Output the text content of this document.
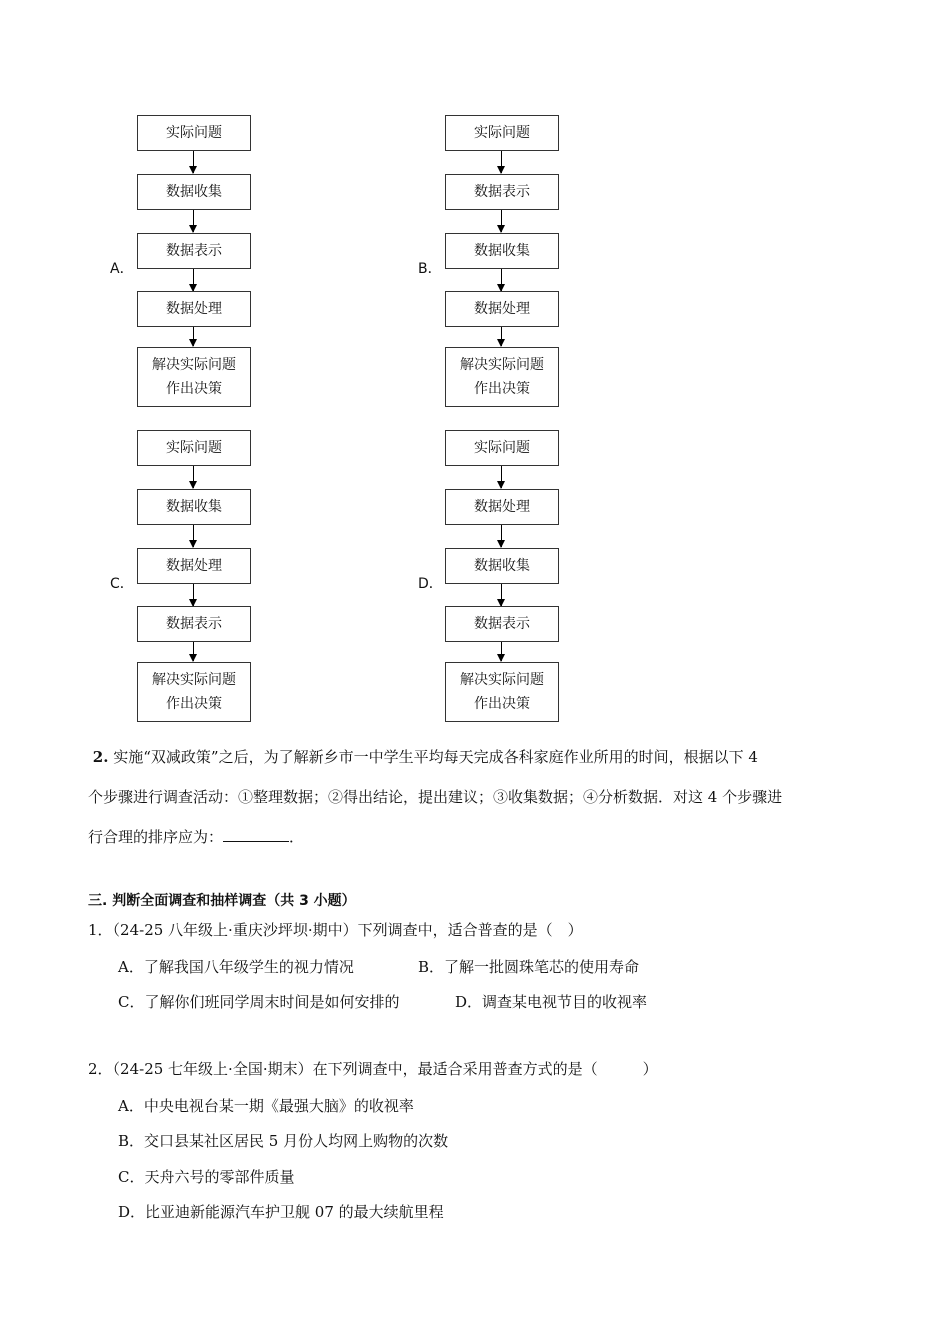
A．
实际问题
数据收集
数据表示
数据处理
解决实际问题
作出决策
B．
实际问题
数据表示
数据收集
数据处理
解决实际问题
作出决策
C．
实际问题
数据收集
数据处理
数据表示
解决实际问题
作出决策
D．
实际问题
数据处理
数据收集
数据表示
解决实际问题
作出决策
2. 实施“双减政策”之后，为了解新乡市一中学生平均每天完成各科家庭作业所用的时间，根据以下 4
个步骤进行调查活动：①整理数据；②得出结论，提出建议；③收集数据；④分析数据．对这 4 个步骤进
行合理的排序应为：	．
三. 判断全面调查和抽样调查（共 3 小题）
1．（24-25 八年级上·重庆沙坪坝·期中）下列调查中，适合普查的是（　）
A．了解我国八年级学生的视力情况	B．了解一批圆珠笔芯的使用寿命
C．了解你们班同学周末时间是如何安排的	D．调查某电视节目的收视率
2．（24-25 七年级上·全国·期末）在下列调查中，最适合采用普查方式的是（　　　）
A．中央电视台某一期《最强大脑》的收视率
B．交口县某社区居民 5 月份人均网上购物的次数
C．天舟六号的零部件质量
D．比亚迪新能源汽车护卫舰 07 的最大续航里程
